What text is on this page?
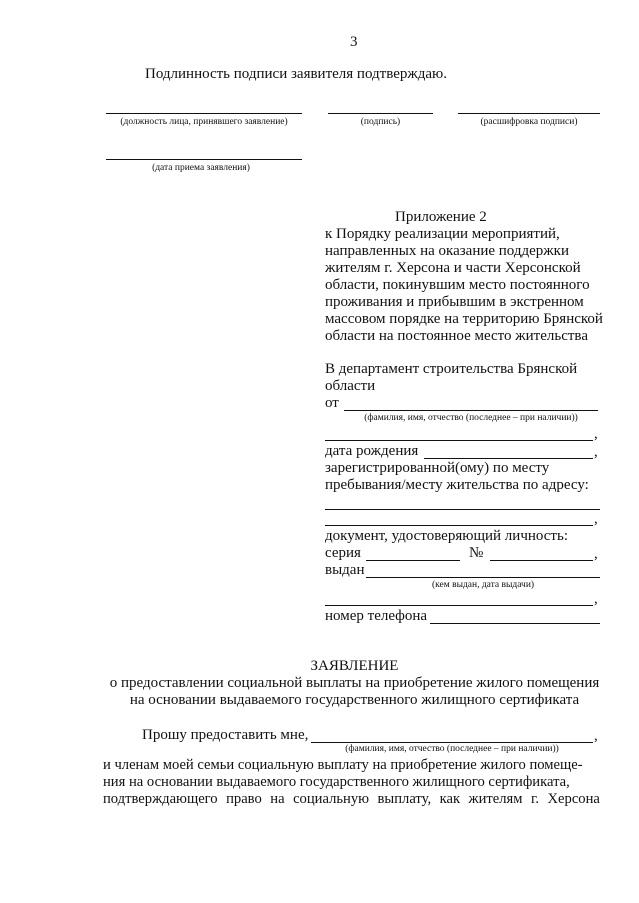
3
Подлинность подписи заявителя подтверждаю.
(должность лица, принявшего заявление)	(подпись)	(расшифровка подписи)
(дата приема заявления)
Приложение 2
к Порядку реализации мероприятий,
направленных на оказание поддержки
жителям г. Херсона и части Херсонской
области, покинувшим место постоянного
проживания и прибывшим в экстренном
массовом порядке на территорию Брянской
области на постоянное место жительства
В департамент строительства Брянской
области
от
(фамилия, имя, отчество (последнее – при наличии))
,
дата рождения	,
зарегистрированной(ому) по месту
пребывания/месту жительства по адресу:
,
документ, удостоверяющий личность:
серия	№	,
выдан
(кем выдан, дата выдачи)
,
номер телефона
ЗАЯВЛЕНИЕ
о предоставлении социальной выплаты на приобретение жилого помещения
на основании выдаваемого государственного жилищного сертификата
Прошу предоставить мне,	,
(фамилия, имя, отчество (последнее – при наличии))
и членам моей семьи социальную выплату на приобретение жилого помеще-
ния на основании выдаваемого государственного жилищного сертификата,
подтверждающего право на социальную выплату, как жителям г. Херсона
